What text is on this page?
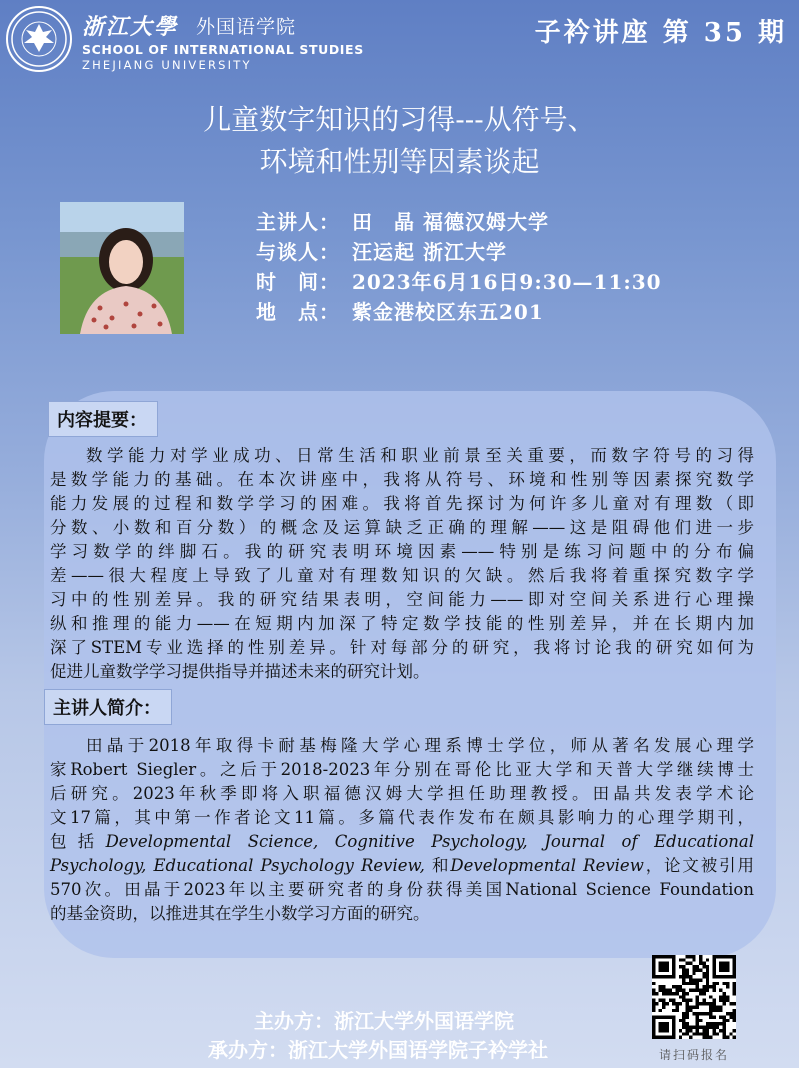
浙江大學 外国语学院
SCHOOL OF INTERNATIONAL STUDIES
ZHEJIANG UNIVERSITY
子衿讲座 第 35 期
儿童数字知识的习得---从符号、
环境和性别等因素谈起
主讲人： 田　晶 福德汉姆大学
与谈人： 汪运起 浙江大学
时　间： 2023年6月16日9:30—11:30
地　点： 紫金港校区东五201
内容提要：
数学能力对学业成功、日常生活和职业前景至关重要，而数字符号的习得
是数学能力的基础。在本次讲座中，我将从符号、环境和性别等因素探究数学
能力发展的过程和数学学习的困难。我将首先探讨为何许多儿童对有理数（即
分数、小数和百分数）的概念及运算缺乏正确的理解——这是阻碍他们进一步
学习数学的绊脚石。我的研究表明环境因素——特别是练习问题中的分布偏
差——很大程度上导致了儿童对有理数知识的欠缺。然后我将着重探究数字学
习中的性别差异。我的研究结果表明，空间能力——即对空间关系进行心理操
纵和推理的能力——在短期内加深了特定数学技能的性别差异，并在长期内加
深了STEM专业选择的性别差异。针对每部分的研究，我将讨论我的研究如何为
促进儿童数学学习提供指导并描述未来的研究计划。
主讲人简介：
田晶于2018年取得卡耐基梅隆大学心理系博士学位，师从著名发展心理学
家Robert Siegler。之后于2018-2023年分别在哥伦比亚大学和天普大学继续博士
后研究。2023年秋季即将入职福德汉姆大学担任助理教授。田晶共发表学术论
文17篇，其中第一作者论文11篇。多篇代表作发布在颇具影响力的心理学期刊，
包括Developmental Science, Cognitive Psychology, Journal of Educational
Psychology, Educational Psychology Review, 和Developmental Review，论文被引用
570次。田晶于2023年以主要研究者的身份获得美国National Science Foundation
的基金资助，以推进其在学生小数学习方面的研究。
请扫码报名
主办方：浙江大学外国语学院
承办方：浙江大学外国语学院子衿学社
